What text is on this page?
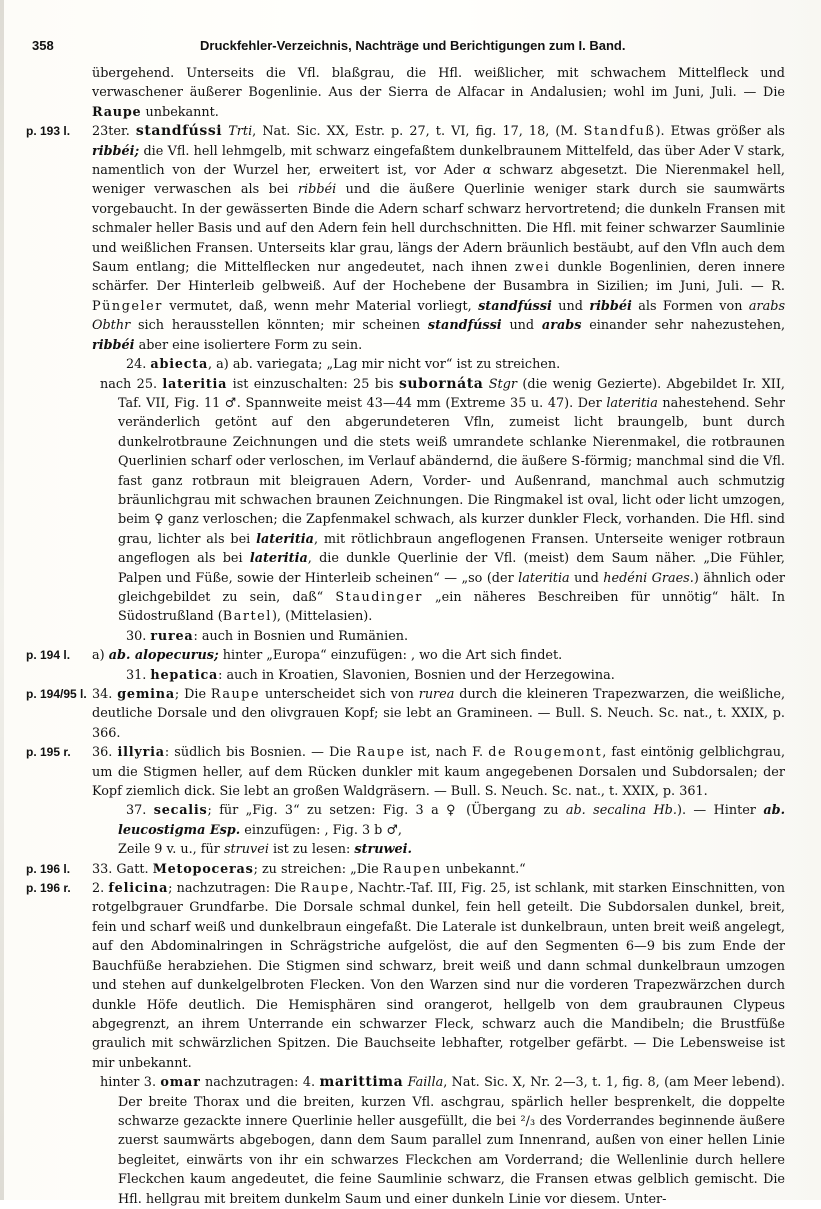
358	Druckfehler-Verzeichnis, Nachträge und Berichtigungen zum I. Band.

übergehend. Unterseits die Vfl. blaßgrau, die Hfl. weißlicher, mit schwachem Mittelfleck und verwaschener äußerer Bogenlinie. Aus der Sierra de Alfacar in Andalusien; wohl im Juni, Juli. — Die Raupe unbekannt.

p. 193 l.	23ter. standfússi Trti, Nat. Sic. XX, Estr. p. 27, t. VI, fig. 17, 18, (M. Standfuß). Etwas größer als ribbéi; die Vfl. hell lehmgelb, mit schwarz eingefaßtem dunkelbraunem Mittelfeld, das über Ader V stark, namentlich von der Wurzel her, erweitert ist, vor Ader α schwarz abgesetzt. Die Nierenmakel hell, weniger verwaschen als bei ribbéi und die äußere Querlinie weniger stark durch sie saumwärts vorgebaucht. In der gewässerten Binde die Adern scharf schwarz hervortretend; die dunkeln Fransen mit schmaler heller Basis und auf den Adern fein hell durchschnitten. Die Hfl. mit feiner schwarzer Saumlinie und weißlichen Fransen. Unterseits klar grau, längs der Adern bräunlich bestäubt, auf den Vfln auch dem Saum entlang; die Mittelflecken nur angedeutet, nach ihnen zwei dunkle Bogenlinien, deren innere schärfer. Der Hinterleib gelbweiß. Auf der Hochebene der Busambra in Sizilien; im Juni, Juli. — R. Püngeler vermutet, daß, wenn mehr Material vorliegt, standfússi und ribbéi als Formen von arabs Obthr sich herausstellen könnten; mir scheinen standfússi und arabs einander sehr nahezustehen, ribbéi aber eine isoliertere Form zu sein.

24. abiecta, a) ab. variegata; „Lag mir nicht vor“ ist zu streichen.

nach 25. lateritia ist einzuschalten: 25 bis subornáta Stgr (die wenig Gezierte). Abgebildet Ir. XII, Taf. VII, Fig. 11 ♂. Spannweite meist 43—44 mm (Extreme 35 u. 47). Der lateritia nahestehend. Sehr veränderlich getönt auf den abgerundeteren Vfln, zumeist licht braungelb, bunt durch dunkelrotbraune Zeichnungen und die stets weiß umrandete schlanke Nierenmakel, die rotbraunen Querlinien scharf oder verloschen, im Verlauf abändernd, die äußere S-förmig; manchmal sind die Vfl. fast ganz rotbraun mit bleigrauen Adern, Vorder- und Außenrand, manchmal auch schmutzig bräunlichgrau mit schwachen braunen Zeichnungen. Die Ringmakel ist oval, licht oder licht umzogen, beim ♀ ganz verloschen; die Zapfenmakel schwach, als kurzer dunkler Fleck, vorhanden. Die Hfl. sind grau, lichter als bei lateritia, mit rötlichbraun angeflogenen Fransen. Unterseite weniger rotbraun angeflogen als bei lateritia, die dunkle Querlinie der Vfl. (meist) dem Saum näher. „Die Fühler, Palpen und Füße, sowie der Hinterleib scheinen“ — „so (der lateritia und hedéni Graes.) ähnlich oder gleichgebildet zu sein, daß“ Staudinger „ein näheres Beschreiben für unnötig“ hält. In Südostrußland (Bartel), (Mittelasien).

30. rurea: auch in Bosnien und Rumänien.

p. 194 l.	a) ab. alopecurus; hinter „Europa“ einzufügen: , wo die Art sich findet.

31. hepatica: auch in Kroatien, Slavonien, Bosnien und der Herzegowina.

p. 194/95 l. 34. gemina; Die Raupe unterscheidet sich von rurea durch die kleineren Trapezwarzen, die weißliche, deutliche Dorsale und den olivgrauen Kopf; sie lebt an Gramineen. — Bull. S. Neuch. Sc. nat., t. XXIX, p. 366.

p. 195 r.	36. illyria: südlich bis Bosnien. — Die Raupe ist, nach F. de Rougemont, fast eintönig gelblichgrau, um die Stigmen heller, auf dem Rücken dunkler mit kaum angegebenen Dorsalen und Subdorsalen; der Kopf ziemlich dick. Sie lebt an großen Waldgräsern. — Bull. S. Neuch. Sc. nat., t. XXIX, p. 361.

37. secalis; für „Fig. 3“ zu setzen: Fig. 3 a ♀ (Übergang zu ab. secalina Hb.). — Hinter ab. leucostigma Esp. einzufügen: , Fig. 3 b ♂,

Zeile 9 v. u., für struvei ist zu lesen: struwei.

p. 196 l.	33. Gatt. Metopoceras; zu streichen: „Die Raupen unbekannt.“

p. 196 r.	2. felicina; nachzutragen: Die Raupe, Nachtr.-Taf. III, Fig. 25, ist schlank, mit starken Einschnitten, von rotgelbgrauer Grundfarbe. Die Dorsale schmal dunkel, fein hell geteilt. Die Subdorsalen dunkel, breit, fein und scharf weiß und dunkelbraun eingefaßt. Die Laterale ist dunkelbraun, unten breit weiß angelegt, auf den Abdominalringen in Schrägstriche aufgelöst, die auf den Segmenten 6—9 bis zum Ende der Bauchfüße herabziehen. Die Stigmen sind schwarz, breit weiß und dann schmal dunkelbraun umzogen und stehen auf dunkelgelbroten Flecken. Von den Warzen sind nur die vorderen Trapezwärzchen durch dunkle Höfe deutlich. Die Hemisphären sind orangerot, hellgelb von dem graubraunen Clypeus abgegrenzt, an ihrem Unterrande ein schwarzer Fleck, schwarz auch die Mandibeln; die Brustfüße graulich mit schwärzlichen Spitzen. Die Bauchseite lebhafter, rotgelber gefärbt. — Die Lebensweise ist mir unbekannt.

hinter 3. omar nachzutragen: 4. marittima Failla, Nat. Sic. X, Nr. 2—3, t. 1, fig. 8, (am Meer lebend). Der breite Thorax und die breiten, kurzen Vfl. aschgrau, spärlich heller besprenkelt, die doppelte schwarze gezackte innere Querlinie heller ausgefüllt, die bei ²/₃ des Vorderrandes beginnende äußere zuerst saumwärts abgebogen, dann dem Saum parallel zum Innenrand, außen von einer hellen Linie begleitet, einwärts von ihr ein schwarzes Fleckchen am Vorderrand; die Wellenlinie durch hellere Fleckchen kaum angedeutet, die feine Saumlinie schwarz, die Fransen etwas gelblich gemischt. Die Hfl. hellgrau mit breitem dunkelm Saum und einer dunkeln Linie vor diesem. Unter-
